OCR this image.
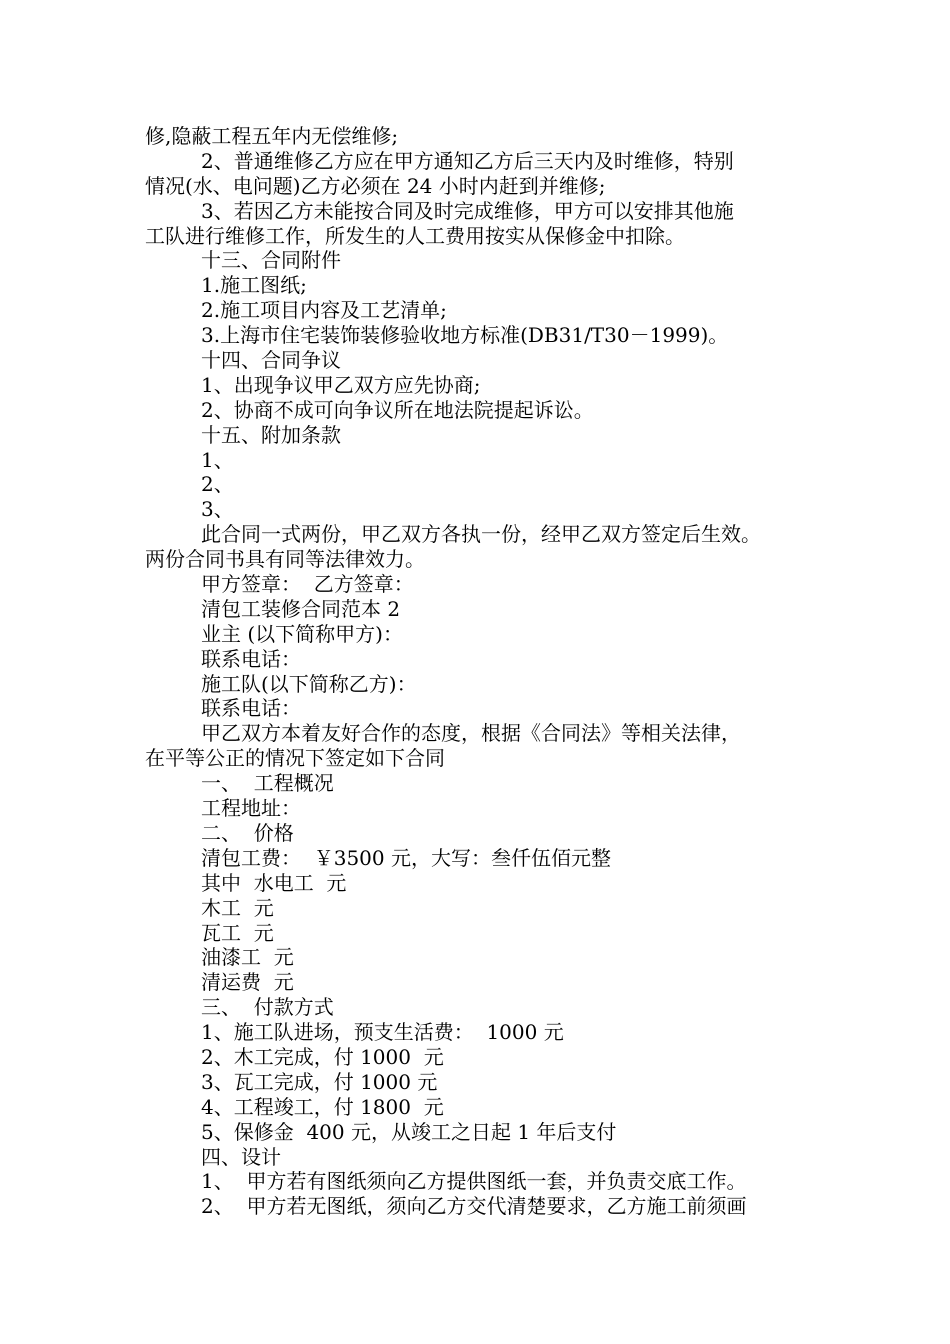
修,隐蔽工程五年内无偿维修;
2、普通维修乙方应在甲方通知乙方后三天内及时维修，特别
情况(水、电问题)乙方必须在 24 小时内赶到并维修;
3、若因乙方未能按合同及时完成维修，甲方可以安排其他施
工队进行维修工作，所发生的人工费用按实从保修金中扣除。
十三、合同附件
1.施工图纸;
2.施工项目内容及工艺清单;
3.上海市住宅装饰装修验收地方标准(DB31/T30－1999)。
十四、合同争议
1、出现争议甲乙双方应先协商;
2、协商不成可向争议所在地法院提起诉讼。
十五、附加条款
1、
2、
3、
此合同一式两份，甲乙双方各执一份，经甲乙双方签定后生效。
两份合同书具有同等法律效力。
甲方签章：  乙方签章：
清包工装修合同范本 2
业主 (以下简称甲方)：
联系电话：
施工队(以下简称乙方)：
联系电话：
甲乙双方本着友好合作的态度，根据《合同法》等相关法律，
在平等公正的情况下签定如下合同
一、  工程概况
工程地址：
二、  价格
清包工费：  ￥3500 元，大写：叁仟伍佰元整
其中  水电工  元
木工  元
瓦工  元
油漆工  元
清运费  元
三、  付款方式
1、施工队进场，预支生活费：  1000 元
2、木工完成，付 1000  元
3、瓦工完成，付 1000 元
4、工程竣工，付 1800  元
5、保修金  400 元，从竣工之日起 1 年后支付
四、设计
1、  甲方若有图纸须向乙方提供图纸一套，并负责交底工作。
2、  甲方若无图纸，须向乙方交代清楚要求，乙方施工前须画
